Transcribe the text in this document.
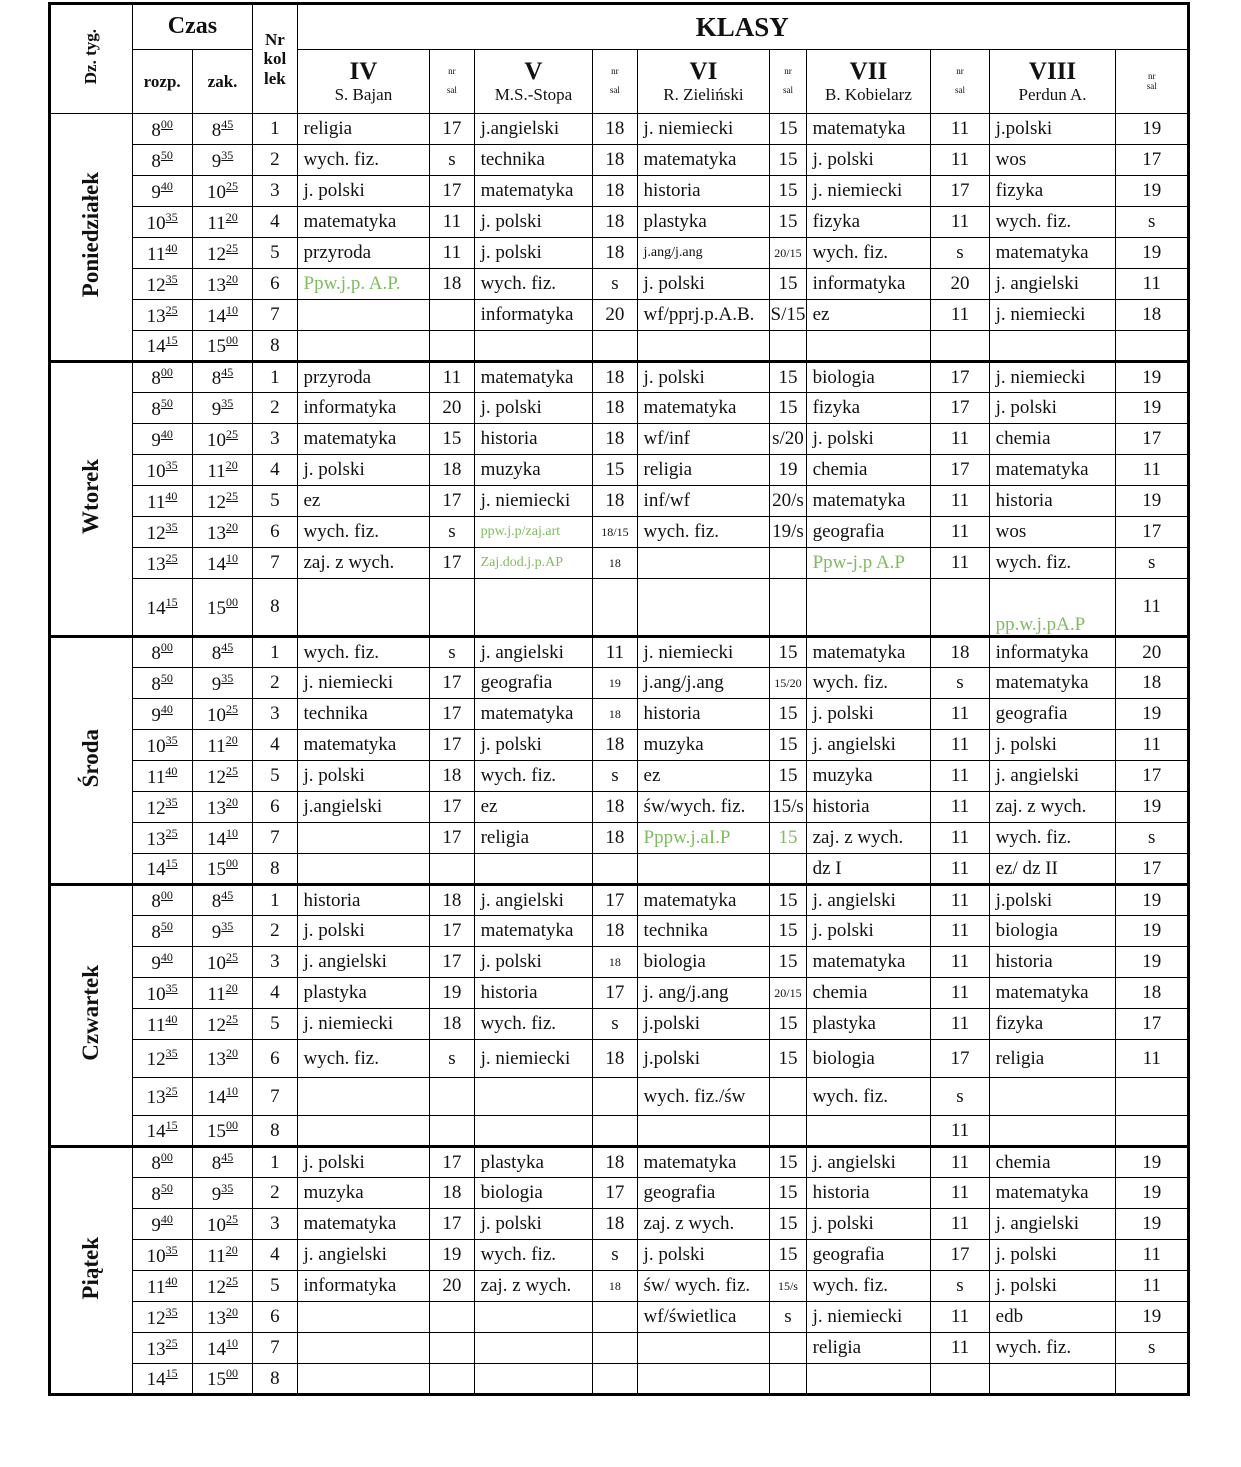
Dz. tyg.	Czas		Nr
kol
lek	KLASY									
	rozp.	zak.		IV
S. Bajan	nr

sal	V
M.S.-Stopa	nr

sal	VI
R. Zieliński	nr

sal	VII
B. Kobielarz	nr

sal	VIII
Perdun A.	nr
sal
Poniedziałek	$8^{00}$	$8^{45}$	1	religia	17	j.angielski	18	j. niemiecki	15	matematyka	11	j.polski	19
	$8^{50}$	$9^{35}$	2	wych. fiz.	s	technika	18	matematyka	15	j. polski	11	wos	17
	$9^{40}$	$10^{25}$	3	j. polski	17	matematyka	18	historia	15	j. niemiecki	17	fizyka	19
	$10^{35}$	$11^{20}$	4	matematyka	11	j. polski	18	plastyka	15	fizyka	11	wych. fiz.	s
	$11^{40}$	$12^{25}$	5	przyroda	11	j. polski	18	j.ang/j.ang	20/15	wych. fiz.	s	matematyka	19
	$12^{35}$	$13^{20}$	6	Ppw.j.p. A.P.	18	wych. fiz.	s	j. polski	15	informatyka	20	j. angielski	11
	$13^{25}$	$14^{10}$	7			informatyka	20	wf/pprj.p.A.B.	S/15	ez	11	j. niemiecki	18
	$14^{15}$	$15^{00}$	8										
Wtorek	$8^{00}$	$8^{45}$	1	przyroda	11	matematyka	18	j. polski	15	biologia	17	j. niemiecki	19
	$8^{50}$	$9^{35}$	2	informatyka	20	j. polski	18	matematyka	15	fizyka	17	j. polski	19
	$9^{40}$	$10^{25}$	3	matematyka	15	historia	18	wf/inf	s/20	j. polski	11	chemia	17
	$10^{35}$	$11^{20}$	4	j. polski	18	muzyka	15	religia	19	chemia	17	matematyka	11
	$11^{40}$	$12^{25}$	5	ez	17	j. niemiecki	18	inf/wf	20/s	matematyka	11	historia	19
	$12^{35}$	$13^{20}$	6	wych. fiz.	s	ppw.j.p/zaj.art	18/15	wych. fiz.	19/s	geografia	11	wos	17
	$13^{25}$	$14^{10}$	7	zaj. z wych.	17	Zaj.dod.j.p.AP	18			Ppw-j.p A.P	11	wych. fiz.	s
	$14^{15}$	$15^{00}$	8									pp.w.j.pA.P	11
Środa	$8^{00}$	$8^{45}$	1	wych. fiz.	s	j. angielski	11	j. niemiecki	15	matematyka	18	informatyka	20
	$8^{50}$	$9^{35}$	2	j. niemiecki	17	geografia	19	j.ang/j.ang	15/20	wych. fiz.	s	matematyka	18
	$9^{40}$	$10^{25}$	3	technika	17	matematyka	18	historia	15	j. polski	11	geografia	19
	$10^{35}$	$11^{20}$	4	matematyka	17	j. polski	18	muzyka	15	j. angielski	11	j. polski	11
	$11^{40}$	$12^{25}$	5	j. polski	18	wych. fiz.	s	ez	15	muzyka	11	j. angielski	17
	$12^{35}$	$13^{20}$	6	j.angielski	17	ez	18	św/wych. fiz.	15/s	historia	11	zaj. z wych.	19
	$13^{25}$	$14^{10}$	7		17	religia	18	Pppw.j.aI.P	15	zaj. z wych.	11	wych. fiz.	s
	$14^{15}$	$15^{00}$	8							dz I	11	ez/ dz II	17
Czwartek	$8^{00}$	$8^{45}$	1	historia	18	j. angielski	17	matematyka	15	j. angielski	11	j.polski	19
	$8^{50}$	$9^{35}$	2	j. polski	17	matematyka	18	technika	15	j. polski	11	biologia	19
	$9^{40}$	$10^{25}$	3	j. angielski	17	j. polski	18	biologia	15	matematyka	11	historia	19
	$10^{35}$	$11^{20}$	4	plastyka	19	historia	17	j. ang/j.ang	20/15	chemia	11	matematyka	18
	$11^{40}$	$12^{25}$	5	j. niemiecki	18	wych. fiz.	s	j.polski	15	plastyka	11	fizyka	17
	$12^{35}$	$13^{20}$	6	wych. fiz.	s	j. niemiecki	18	j.polski	15	biologia	17	religia	11
	$13^{25}$	$14^{10}$	7					wych. fiz./św		wych. fiz.	s		
	$14^{15}$	$15^{00}$	8								11		
Piątek	$8^{00}$	$8^{45}$	1	j. polski	17	plastyka	18	matematyka	15	j. angielski	11	chemia	19
	$8^{50}$	$9^{35}$	2	muzyka	18	biologia	17	geografia	15	historia	11	matematyka	19
	$9^{40}$	$10^{25}$	3	matematyka	17	j. polski	18	zaj. z wych.	15	j. polski	11	j. angielski	19
	$10^{35}$	$11^{20}$	4	j. angielski	19	wych. fiz.	s	j. polski	15	geografia	17	j. polski	11
	$11^{40}$	$12^{25}$	5	informatyka	20	zaj. z wych.	18	św/ wych. fiz.	15/s	wych. fiz.	s	j. polski	11
	$12^{35}$	$13^{20}$	6					wf/świetlica	s	j. niemiecki	11	edb	19
	$13^{25}$	$14^{10}$	7							religia	11	wych. fiz.	s
	$14^{15}$	$15^{00}$	8										
